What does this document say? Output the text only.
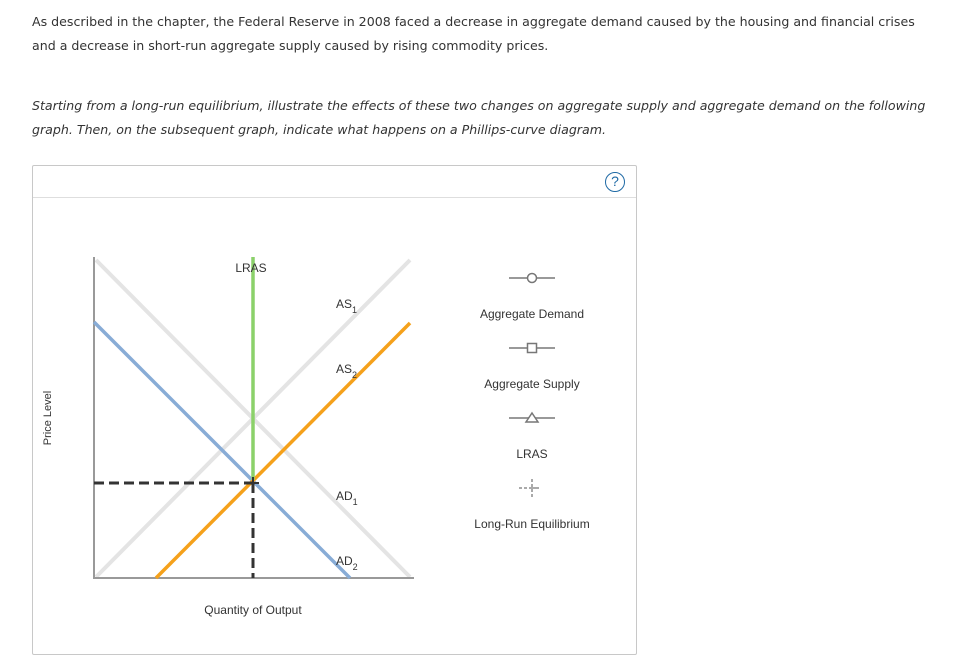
As described in the chapter, the Federal Reserve in 2008 faced a decrease in aggregate demand caused by the housing and financial crises and a decrease in short-run aggregate supply caused by rising commodity prices.
Starting from a long-run equilibrium, illustrate the effects of these two changes on aggregate supply and aggregate demand on the following graph. Then, on the subsequent graph, indicate what happens on a Phillips-curve diagram.
?
Price Level
Quantity of Output
LRAS
$AS_1$
$AS_2$
$AD_1$
$AD_2$
Aggregate Demand
Aggregate Supply
LRAS
Long-Run Equilibrium
